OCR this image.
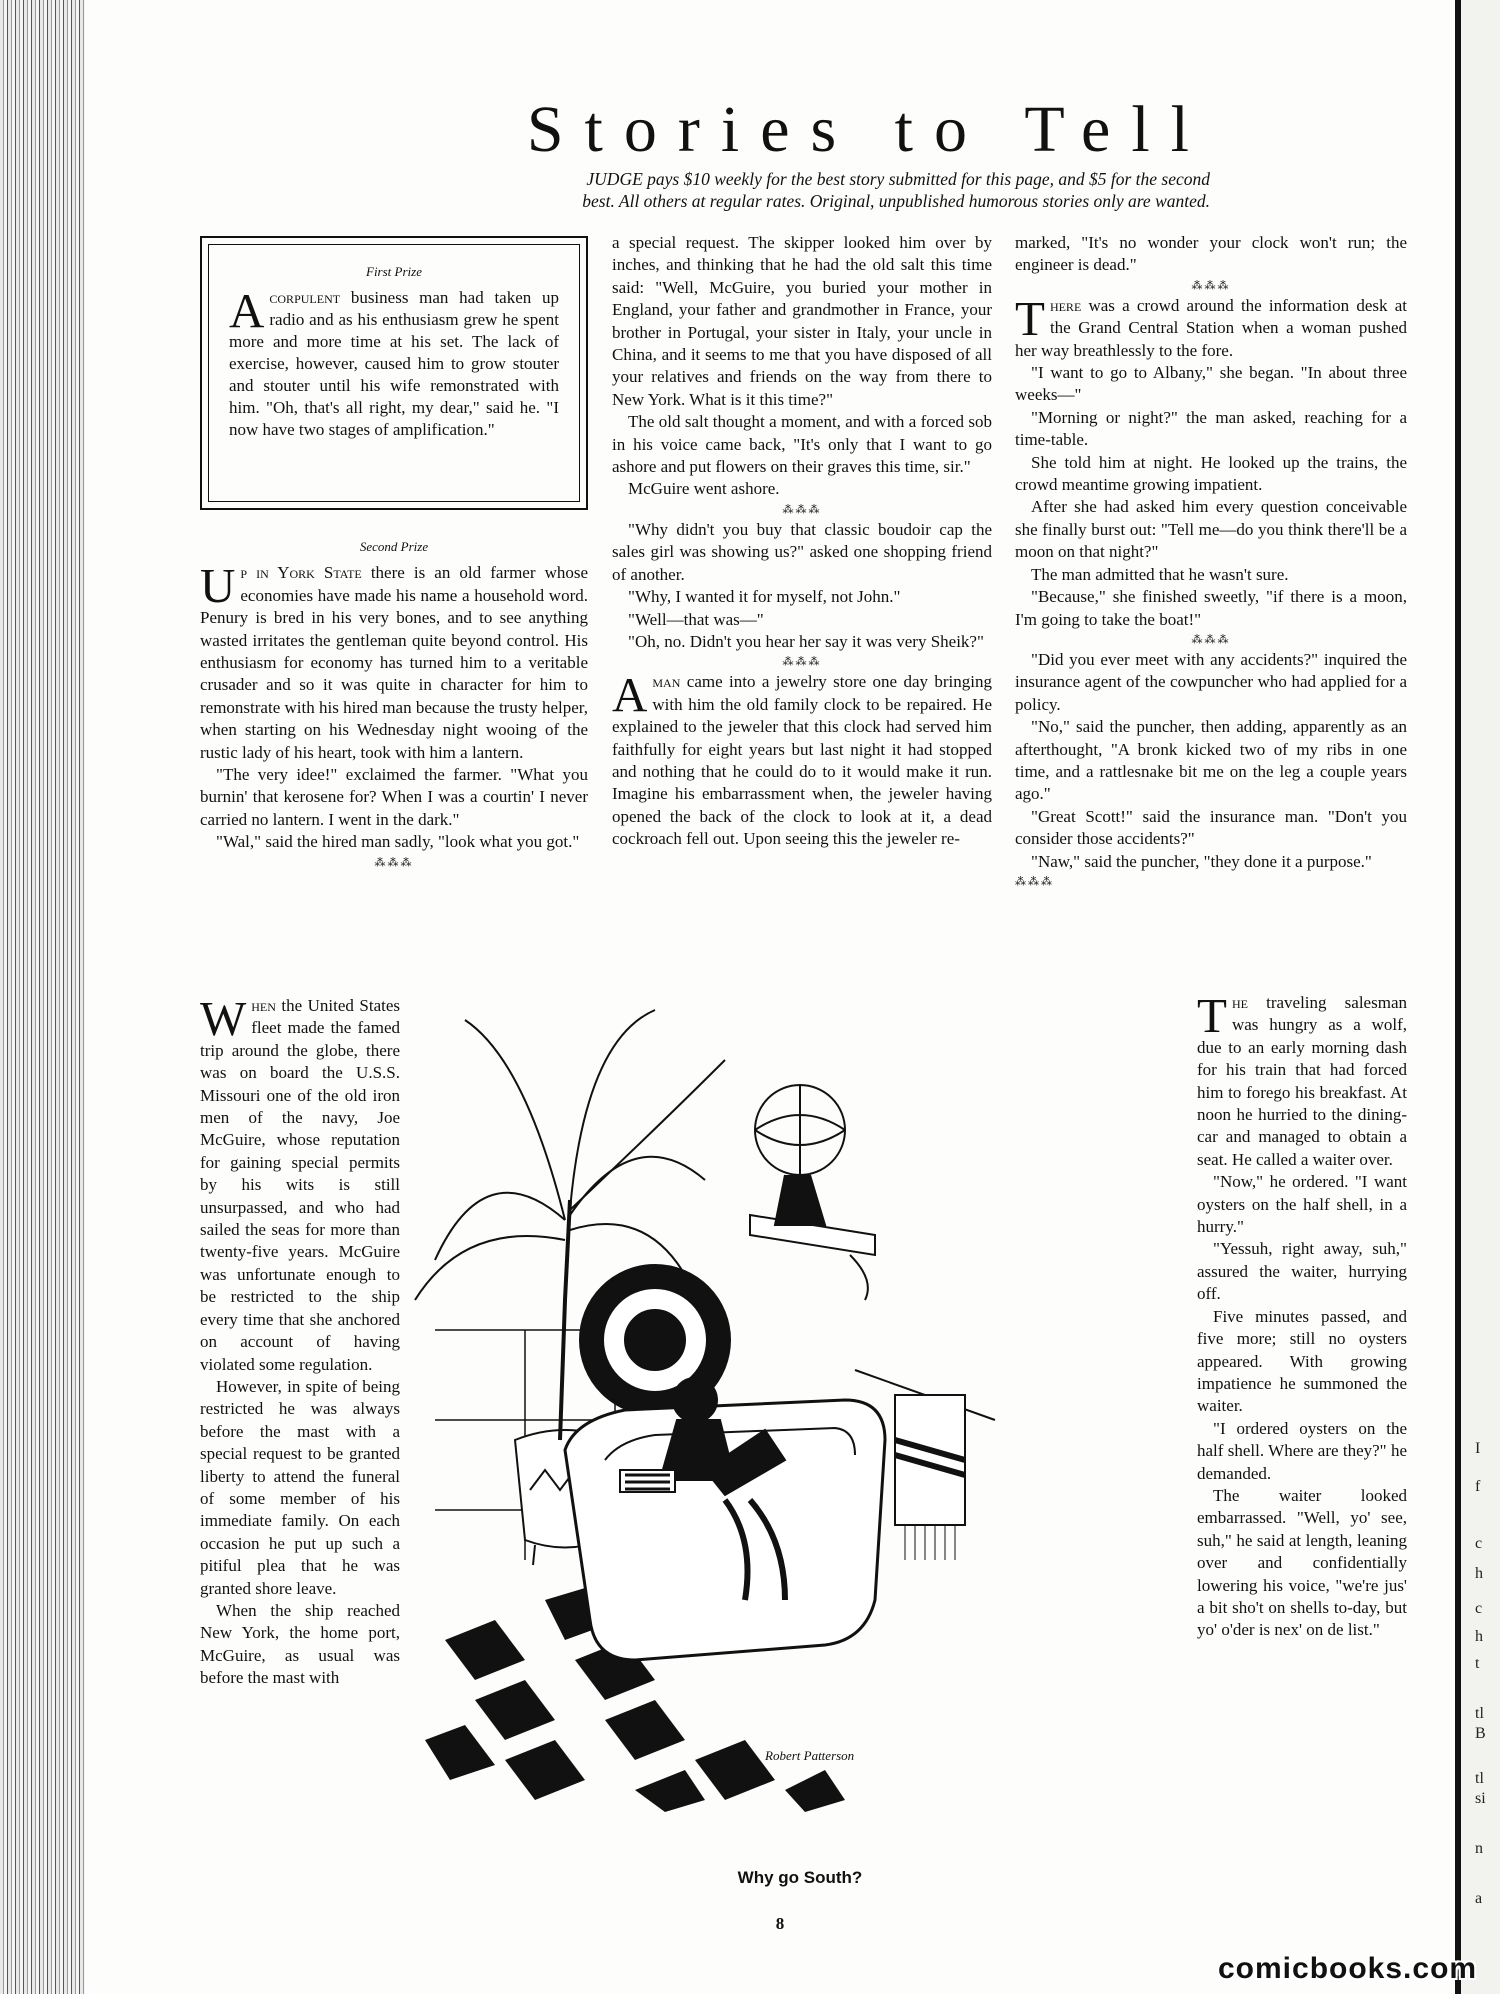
I
f
c
h
c
h
t
tl
B
tl
si
n
a
Stories to Tell
JUDGE pays $10 weekly for the best story submitted for this page, and $5 for the second
best. All others at regular rates. Original, unpublished humorous stories only are wanted.
First Prize
A corpulent business man had taken up radio and as his enthusiasm grew he spent more and more time at his set. The lack of exercise, however, caused him to grow stouter and stouter until his wife remonstrated with him. "Oh, that's all right, my dear," said he. "I now have two stages of amplification."
Second Prize

Up in York State there is an old farmer whose economies have made his name a household word. Penury is bred in his very bones, and to see anything wasted irritates the gentleman quite beyond control. His enthusiasm for economy has turned him to a veritable crusader and so it was quite in character for him to remonstrate with his hired man because the trusty helper, when starting on his Wednesday night wooing of the rustic lady of his heart, took with him a lantern.

"The very idee!" exclaimed the farmer. "What you burnin' that kerosene for? When I was a courtin' I never carried no lantern. I went in the dark."

"Wal," said the hired man sadly, "look what you got."

⁂⁂⁂

When the United States fleet made the famed trip around the globe, there was on board the U.S.S. Missouri one of the old iron men of the navy, Joe McGuire, whose reputation for gaining special permits by his wits is still unsurpassed, and who had sailed the seas for more than twenty-five years. McGuire was unfortunate enough to be restricted to the ship every time that she anchored on account of having violated some regulation.

However, in spite of being restricted he was always before the mast with a special request to be granted liberty to attend the funeral of some member of his immediate family. On each occasion he put up such a pitiful plea that he was granted shore leave.

When the ship reached New York, the home port, McGuire, as usual was before the mast with

a special request. The skipper looked him over by inches, and thinking that he had the old salt this time said: "Well, McGuire, you buried your mother in England, your father and grandmother in France, your brother in Portugal, your sister in Italy, your uncle in China, and it seems to me that you have disposed of all your relatives and friends on the way from there to New York. What is it this time?"

The old salt thought a moment, and with a forced sob in his voice came back, "It's only that I want to go ashore and put flowers on their graves this time, sir."

McGuire went ashore.

⁂⁂⁂

"Why didn't you buy that classic boudoir cap the sales girl was showing us?" asked one shopping friend of another.

"Why, I wanted it for myself, not John."

"Well—that was—"

"Oh, no. Didn't you hear her say it was very Sheik?"

⁂⁂⁂

Aman came into a jewelry store one day bringing with him the old family clock to be repaired. He explained to the jeweler that this clock had served him faithfully for eight years but last night it had stopped and nothing that he could do to it would make it run. Imagine his embarrassment when, the jeweler having opened the back of the clock to look at it, a dead cockroach fell out. Upon seeing this the jeweler re-

marked, "It's no wonder your clock won't run; the engineer is dead."

⁂⁂⁂

There was a crowd around the information desk at the Grand Central Station when a woman pushed her way breathlessly to the fore.

"I want to go to Albany," she began. "In about three weeks—"

"Morning or night?" the man asked, reaching for a time-table.

She told him at night. He looked up the trains, the crowd meantime growing impatient.

After she had asked him every question conceivable she finally burst out: "Tell me—do you think there'll be a moon on that night?"

The man admitted that he wasn't sure.

"Because," she finished sweetly, "if there is a moon, I'm going to take the boat!"

⁂⁂⁂

"Did you ever meet with any accidents?" inquired the insurance agent of the cowpuncher who had applied for a policy.

"No," said the puncher, then adding, apparently as an afterthought, "A bronk kicked two of my ribs in one time, and a rattlesnake bit me on the leg a couple years ago."

"Great Scott!" said the insurance man. "Don't you consider those accidents?"

"Naw," said the puncher, "they done it a purpose."

⁂⁂⁂

The traveling salesman was hungry as a wolf, due to an early morning dash for his train that had forced him to forego his breakfast. At noon he hurried to the dining-car and managed to obtain a seat. He called a waiter over.

"Now," he ordered. "I want oysters on the half shell, in a hurry."

"Yessuh, right away, suh," assured the waiter, hurrying off.

Five minutes passed, and five more; still no oysters appeared. With growing impatience he summoned the waiter.

"I ordered oysters on the half shell. Where are they?" he demanded.

The waiter looked embarrassed. "Well, yo' see, suh," he said at length, leaning over and confidentially lowering his voice, "we're jus' a bit sho't on shells to-day, but yo' o'der is nex' on de list."

Robert Patterson
Why go South?
8
comicbooks.com
